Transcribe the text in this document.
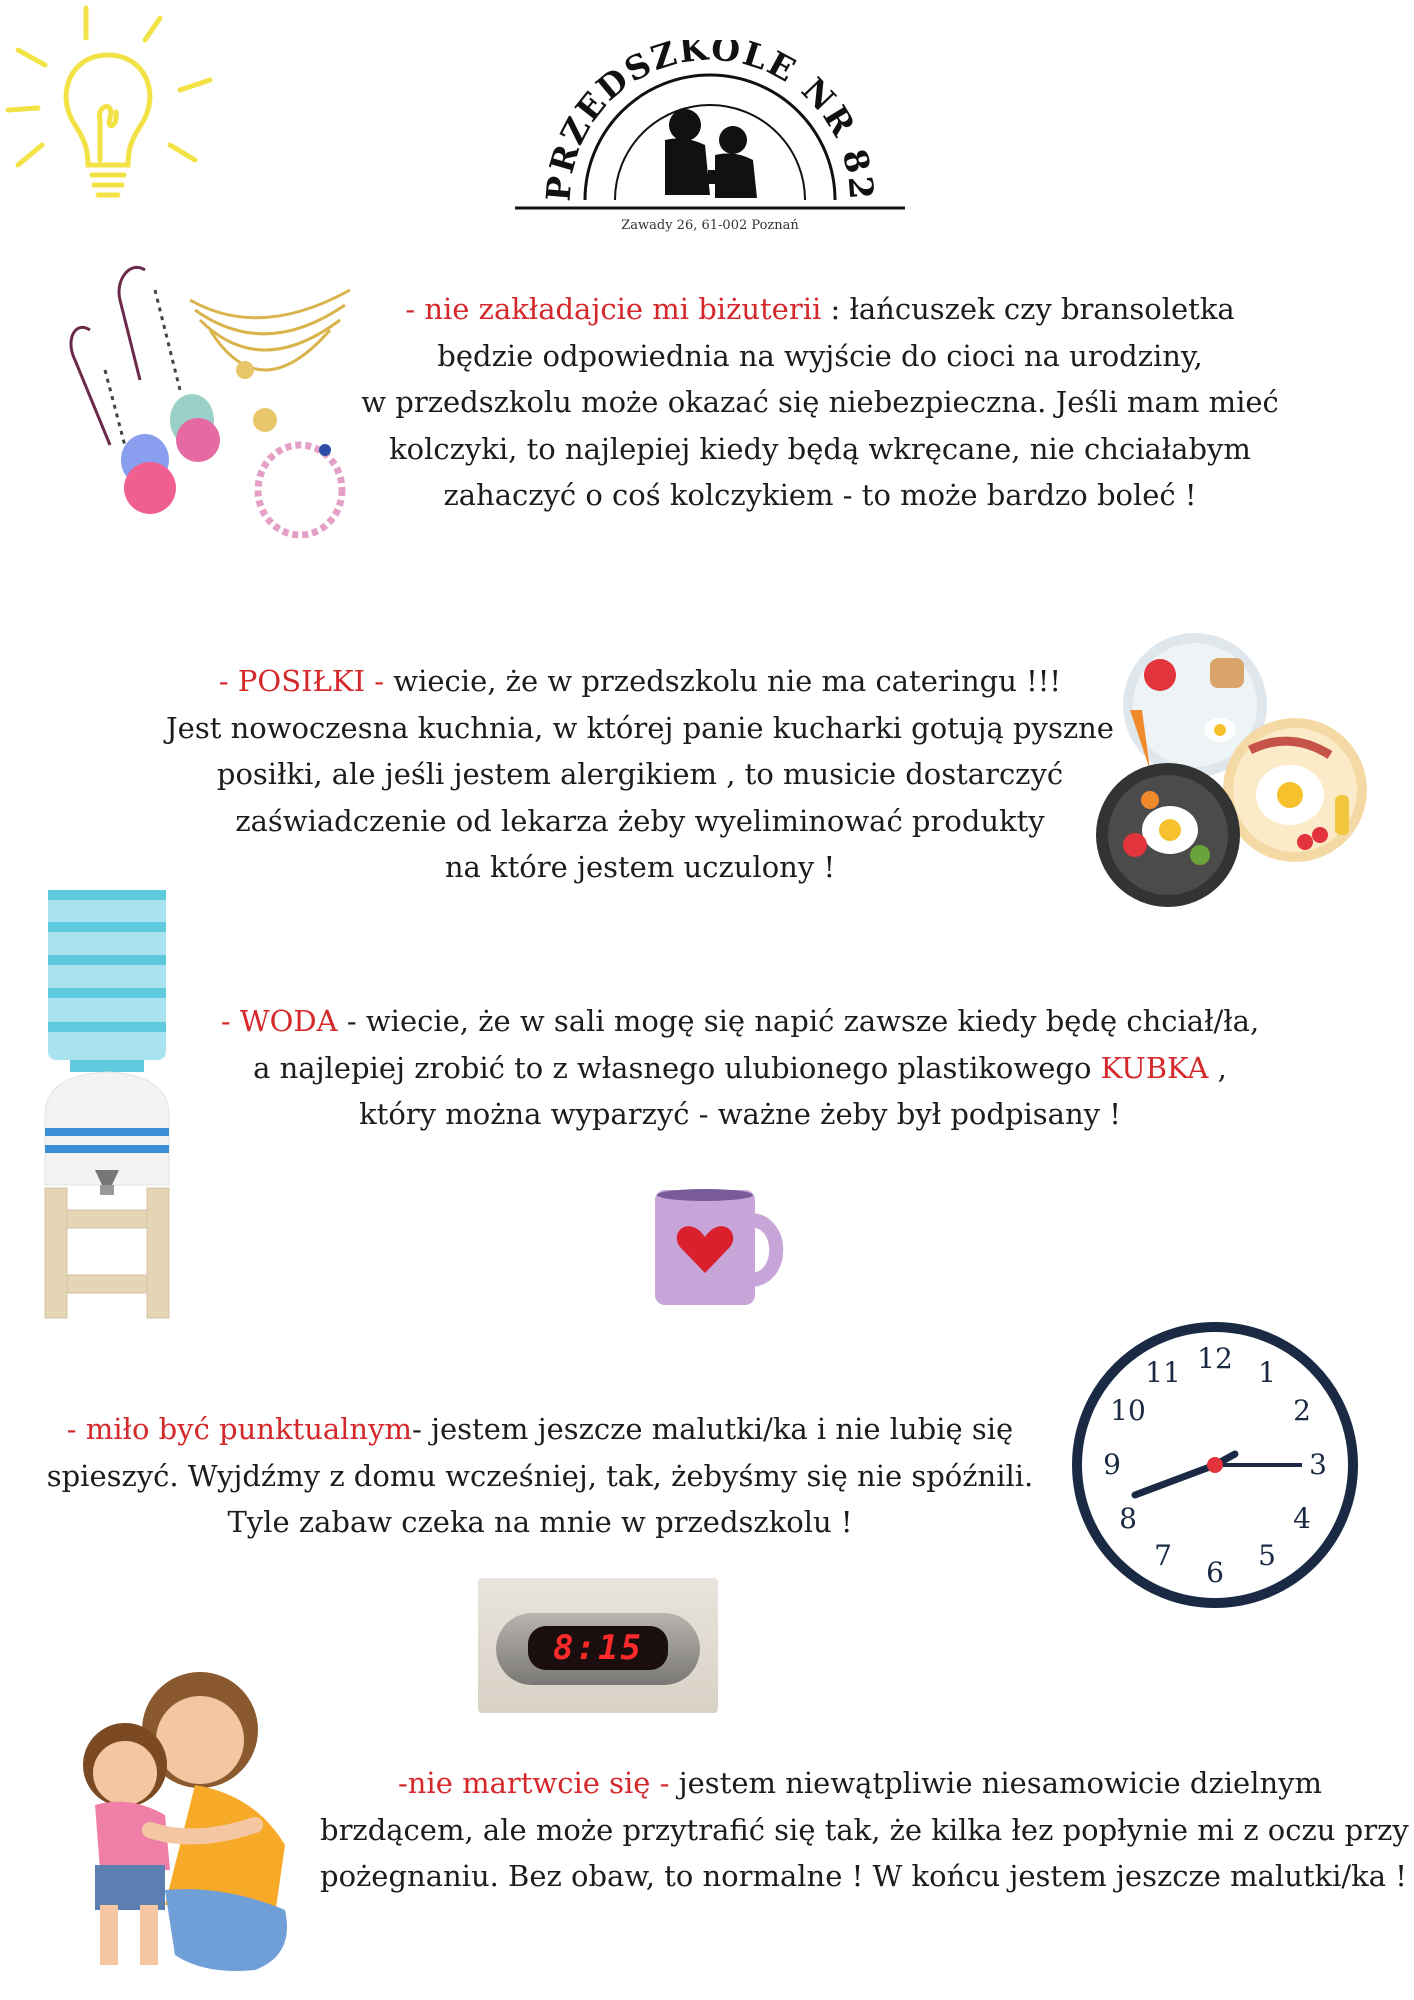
PRZEDSZKOLE NR 82
Zawady 26, 61-002 Poznań
- nie zakładajcie mi biżuterii : łańcuszek czy bransoletka
będzie odpowiednia na wyjście do cioci na urodziny,
w przedszkolu może okazać się niebezpieczna. Jeśli mam mieć
kolczyki, to najlepiej kiedy będą wkręcane, nie chciałabym
zahaczyć o coś kolczykiem - to może bardzo boleć !
- POSIŁKI - wiecie, że w przedszkolu nie ma cateringu !!!
Jest nowoczesna kuchnia, w której panie kucharki gotują pyszne
posiłki, ale jeśli jestem alergikiem , to musicie dostarczyć
zaświadczenie od lekarza żeby wyeliminować produkty
na które jestem uczulony !
- WODA - wiecie, że w sali mogę się napić zawsze kiedy będę chciał/ła,
a najlepiej zrobić to z własnego ulubionego plastikowego KUBKA ,
który można wyparzyć - ważne żeby był podpisany !
12 1
2
3
4
5
6
7
8
9
10
11
- miło być punktualnym- jestem jeszcze malutki/ka i nie lubię się
spieszyć. Wyjdźmy z domu wcześniej, tak, żebyśmy się nie spóźnili.
Tyle zabaw czeka na mnie w przedszkolu !
8:15
-nie martwcie się - jestem niewątpliwie niesamowicie dzielnym
brzdącem, ale może przytrafić się tak, że kilka łez popłynie mi z oczu przy
pożegnaniu. Bez obaw, to normalne ! W końcu jestem jeszcze malutki/ka !
